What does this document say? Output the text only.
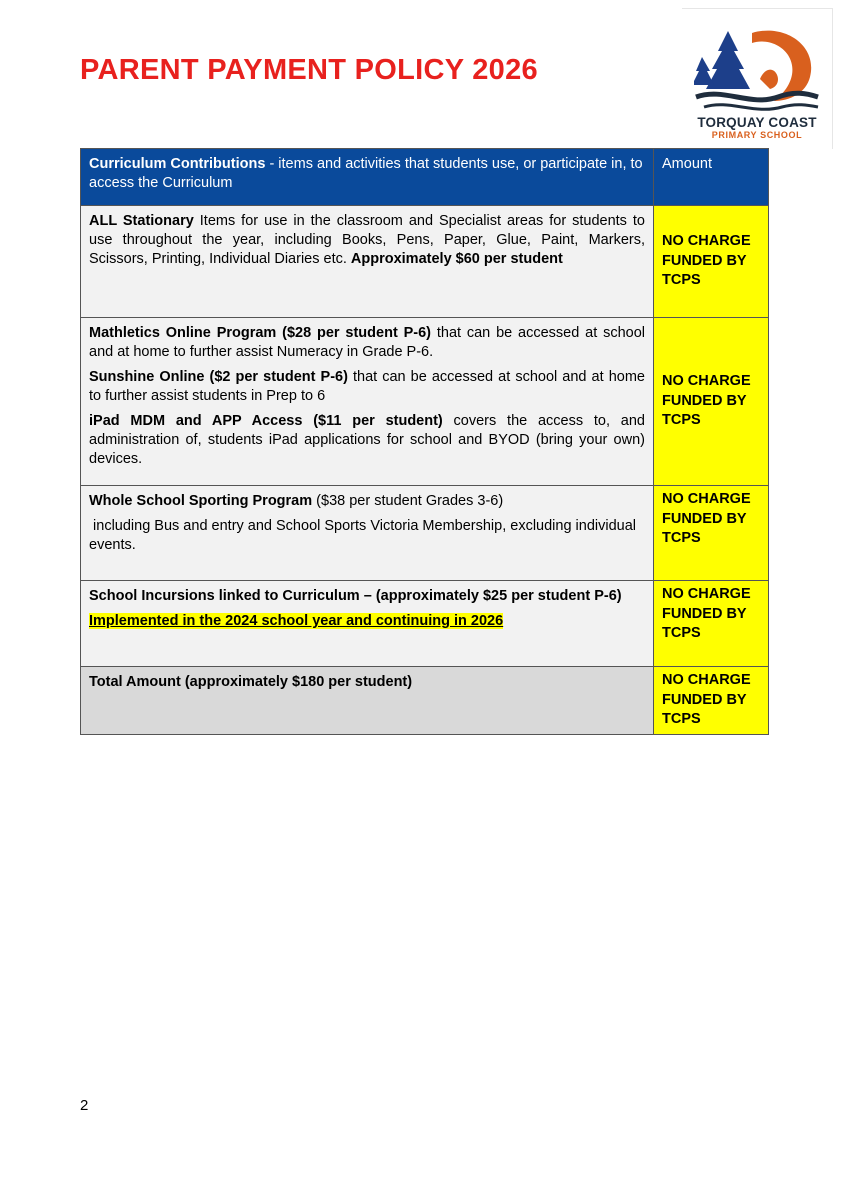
PARENT PAYMENT POLICY 2026
TORQUAY COAST
PRIMARY SCHOOL
Curriculum Contributions - items and activities that students use, or participate in, to access the Curriculum	Amount

ALL Stationary Items for use in the classroom and Specialist areas for students to use throughout the year, including Books, Pens, Paper, Glue, Paint, Markers, Scissors, Printing, Individual Diaries etc. Approximately $60 per student	NO CHARGE FUNDED BY TCPS

Mathletics Online Program ($28 per student P-6) that can be accessed at school and at home to further assist Numeracy in Grade P-6.

Sunshine Online ($2 per student P-6) that can be accessed at school and at home to further assist students in Prep to 6

iPad MDM and APP Access ($11 per student) covers the access to, and administration of, students iPad applications for school and BYOD (bring your own) devices.	NO CHARGE FUNDED BY TCPS

Whole School Sporting Program ($38 per student Grades 3-6)

including Bus and entry and School Sports Victoria Membership, excluding individual events.	NO CHARGE FUNDED BY TCPS

School Incursions linked to Curriculum – (approximately $25 per student P-6)

Implemented in the 2024 school year and continuing in 2026	NO CHARGE FUNDED BY TCPS
Total Amount (approximately $180 per student)	NO CHARGE FUNDED BY TCPS
2
